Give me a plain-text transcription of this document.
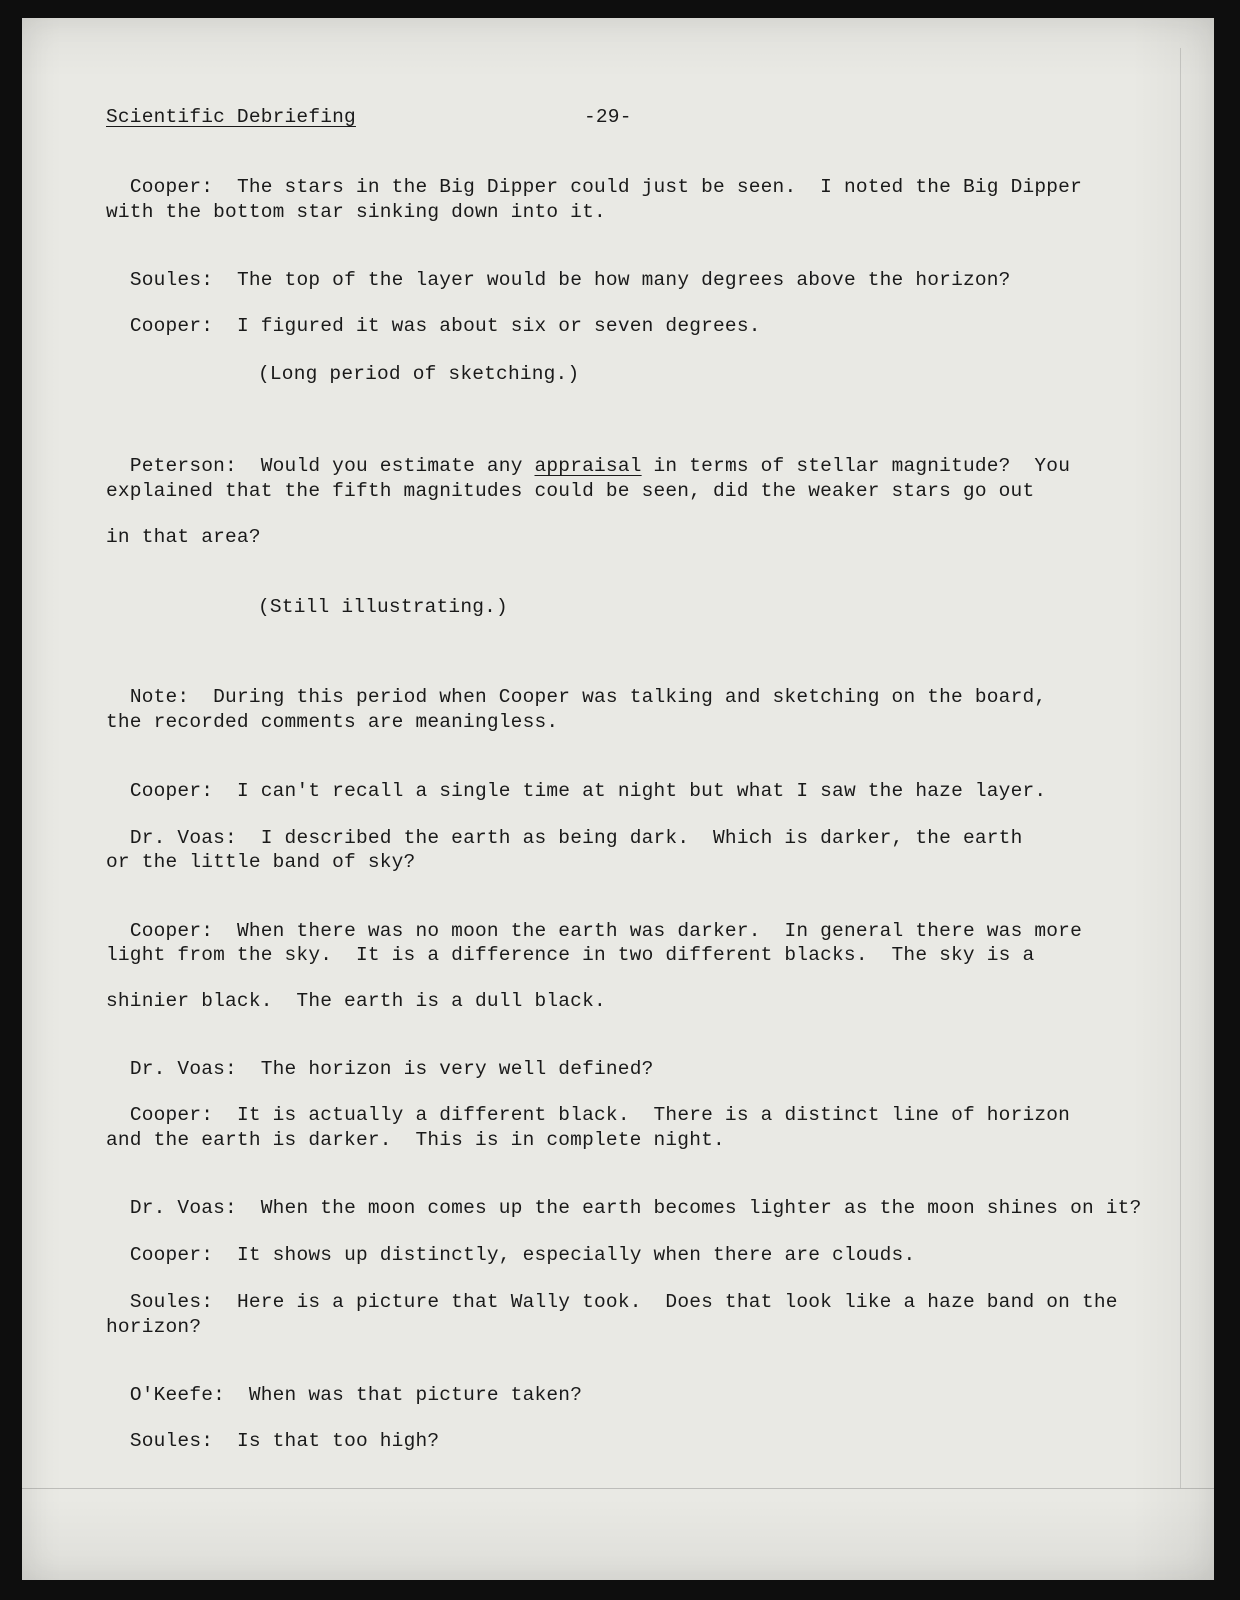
Scientific Debriefing	-29-

Cooper: The stars in the Big Dipper could just be seen.  I noted the Big Dipper

with the bottom star sinking down into it.

Soules: The top of the layer would be how many degrees above the horizon?

Cooper: I figured it was about six or seven degrees.

(Long period of sketching.)

Peterson: Would you estimate any appraisal in terms of stellar magnitude?  You

explained that the fifth magnitudes could be seen, did the weaker stars go out
in that area?
(Still illustrating.)

Note: During this period when Cooper was talking and sketching on the board,

the recorded comments are meaningless.

Cooper: I can't recall a single time at night but what I saw the haze layer.

Dr. Voas: I described the earth as being dark.  Which is darker, the earth

or the little band of sky?

Cooper: When there was no moon the earth was darker.  In general there was more

light from the sky.  It is a difference in two different blacks.  The sky is a
shinier black.  The earth is a dull black.

Dr. Voas: The horizon is very well defined?

Cooper: It is actually a different black.  There is a distinct line of horizon

and the earth is darker.  This is in complete night.

Dr. Voas: When the moon comes up the earth becomes lighter as the moon shines on it?

Cooper: It shows up distinctly, especially when there are clouds.

Soules: Here is a picture that Wally took.  Does that look like a haze band on the

horizon?

O'Keefe: When was that picture taken?

Soules: Is that too high?
